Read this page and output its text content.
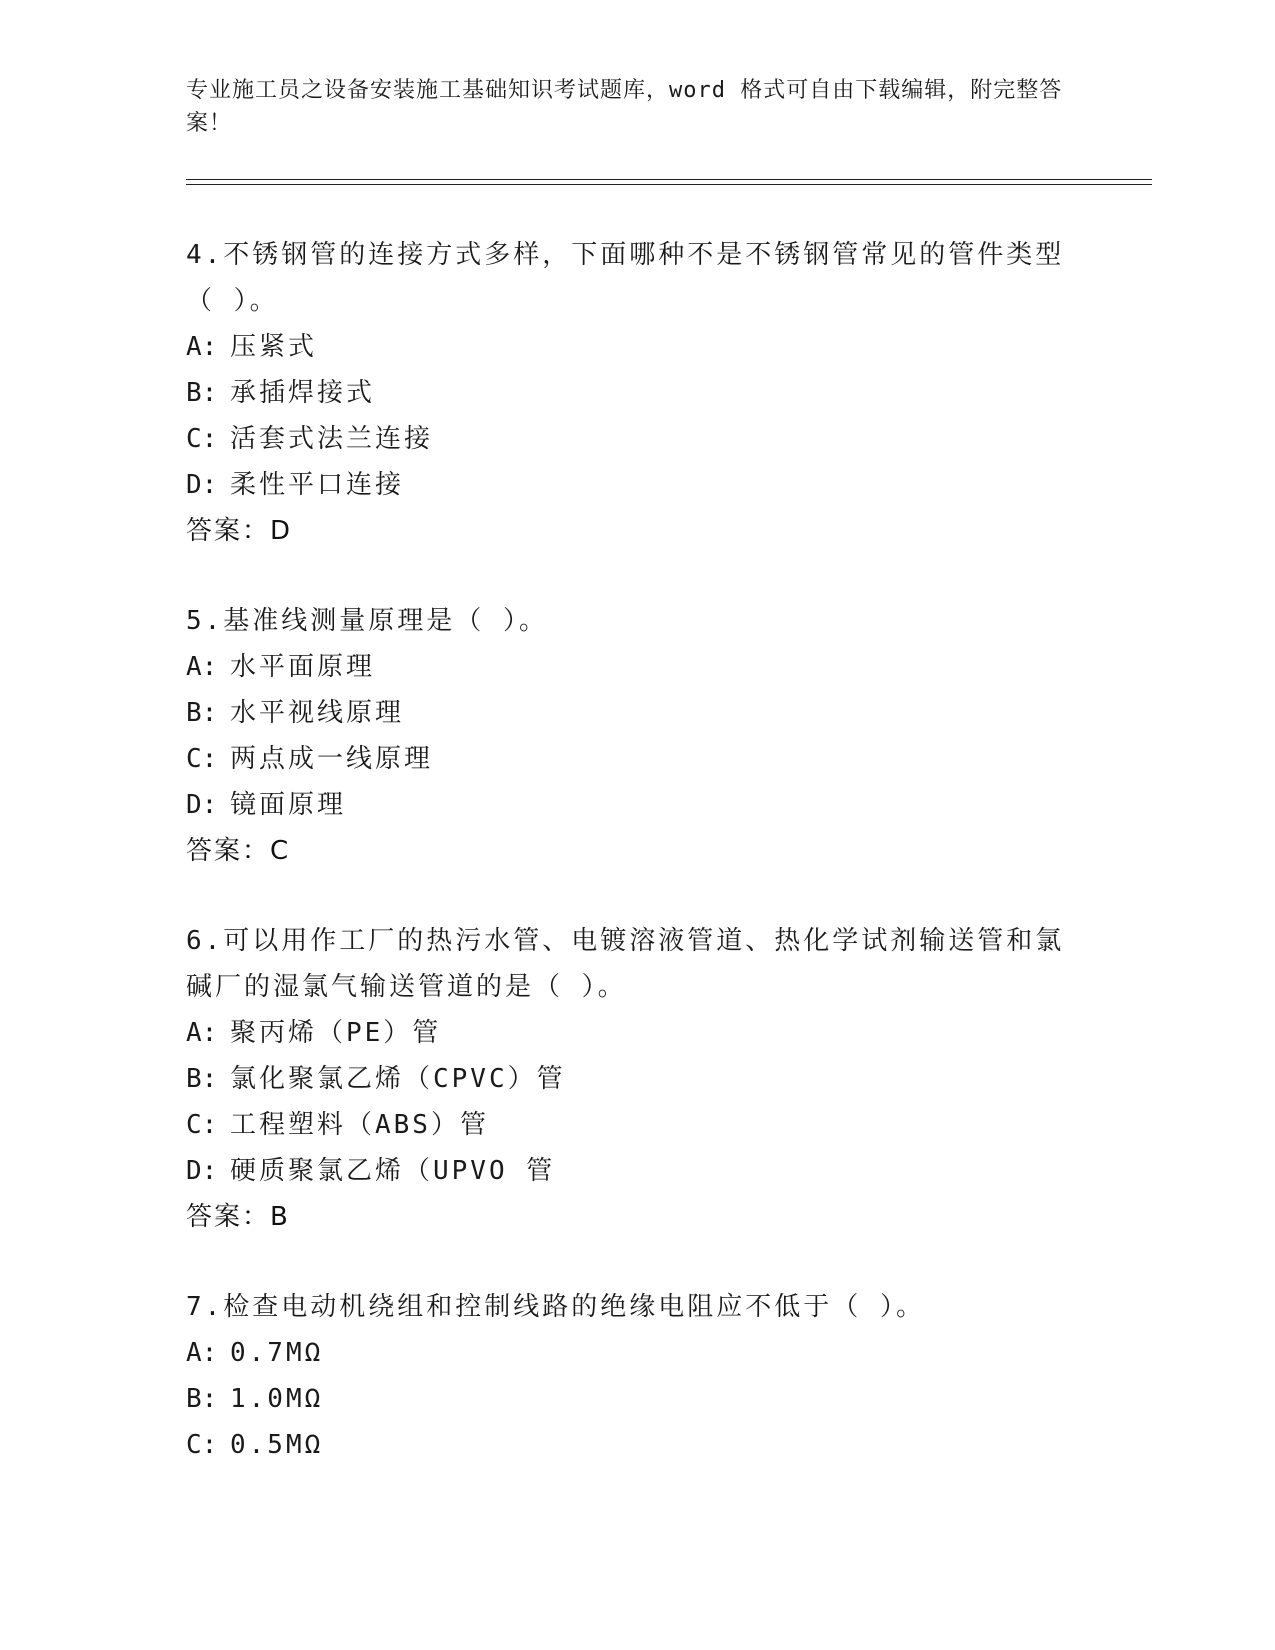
专业施工员之设备安装施工基础知识考试题库，word 格式可自由下载编辑，附完整答案！

4.不锈钢管的连接方式多样，下面哪种不是不锈钢管常见的管件类型（ ）。

A: 压紧式

B: 承插焊接式

C: 活套式法兰连接

D: 柔性平口连接

答案：D

5.基准线测量原理是（ ）。

A: 水平面原理

B: 水平视线原理

C: 两点成一线原理

D: 镜面原理

答案：C

6.可以用作工厂的热污水管、电镀溶液管道、热化学试剂输送管和氯碱厂的湿氯气输送管道的是（ ）。

A: 聚丙烯（PE）管

B: 氯化聚氯乙烯（CPVC）管

C: 工程塑料（ABS）管

D: 硬质聚氯乙烯（UPVO 管

答案：B

7.检查电动机绕组和控制线路的绝缘电阻应不低于（ ）。

A: 0.7MΩ

B: 1.0MΩ

C: 0.5MΩ
